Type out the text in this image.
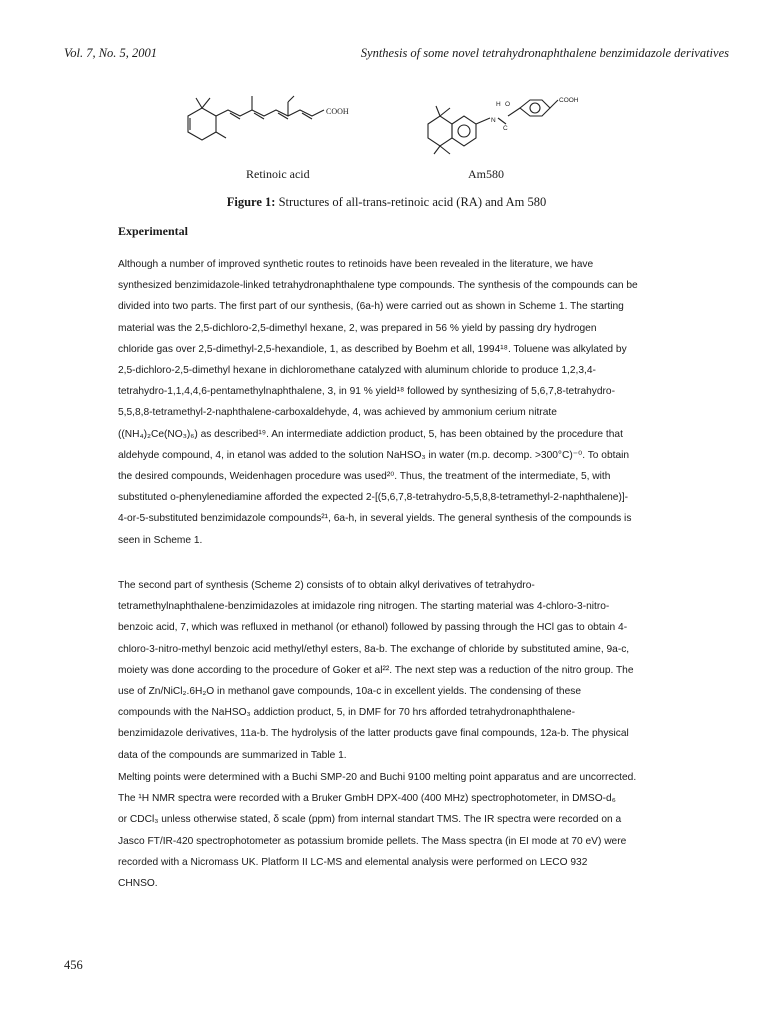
Vol. 7, No. 5, 2001	Synthesis of some novel tetrahydronaphthalene benzimidazole derivatives
COOH
H O
N
C
COOH
Retinoic acid	Am580
Figure 1: Structures of all-trans-retinoic acid (RA) and Am 580
Experimental
Although a number of improved synthetic routes to retinoids have been revealed in the literature, we have
synthesized benzimidazole-linked tetrahydronaphthalene type compounds. The synthesis of the compounds can be
divided into two parts. The first part of our synthesis, (6a-h) were carried out as shown in Scheme 1. The starting
material was the 2,5-dichloro-2,5-dimethyl hexane, 2, was prepared in 56 % yield by passing dry hydrogen
chloride gas over 2,5-dimethyl-2,5-hexandiole, 1, as described by Boehm et all, 1994¹⁸. Toluene was alkylated by
2,5-dichloro-2,5-dimethyl hexane in dichloromethane catalyzed with aluminum chloride to produce 1,2,3,4-
tetrahydro-1,1,4,4,6-pentamethylnaphthalene, 3, in 91 % yield¹⁸ followed by synthesizing of 5,6,7,8-tetrahydro-
5,5,8,8-tetramethyl-2-naphthalene-carboxaldehyde, 4, was achieved by ammonium cerium nitrate
((NH₄)₂Ce(NO₃)₆) as described¹⁹. An intermediate addiction product, 5, has been obtained by the procedure that
aldehyde compound, 4, in etanol was added to the solution NaHSO₃ in water (m.p. decomp. >300°C)⁻⁰. To obtain
the desired compounds, Weidenhagen procedure was used²⁰. Thus, the treatment of the intermediate, 5, with
substituted o-phenylenediamine afforded the expected 2-[(5,6,7,8-tetrahydro-5,5,8,8-tetramethyl-2-naphthalene)]-
4-or-5-substituted benzimidazole compounds²¹, 6a-h, in several yields. The general synthesis of the compounds is
seen in Scheme 1.
The second part of synthesis (Scheme 2) consists of to obtain alkyl derivatives of tetrahydro-
tetramethylnaphthalene-benzimidazoles at imidazole ring nitrogen. The starting material was 4-chloro-3-nitro-
benzoic acid, 7, which was refluxed in methanol (or ethanol) followed by passing through the HCl gas to obtain 4-
chloro-3-nitro-methyl benzoic acid methyl/ethyl esters, 8a-b. The exchange of chloride by substituted amine, 9a-c,
moiety was done according to the procedure of Goker et al²². The next step was a reduction of the nitro group. The
use of Zn/NiCl₂.6H₂O in methanol gave compounds, 10a-c in excellent yields. The condensing of these
compounds with the NaHSO₃ addiction product, 5, in DMF for 70 hrs afforded tetrahydronaphthalene-
benzimidazole derivatives, 11a-b. The hydrolysis of the latter products gave final compounds, 12a-b. The physical
data of the compounds are summarized in Table 1.
Melting points were determined with a Buchi SMP-20 and Buchi 9100 melting point apparatus and are uncorrected.
The ¹H NMR spectra were recorded with a Bruker GmbH DPX-400 (400 MHz) spectrophotometer, in DMSO-d₆
or CDCl₃ unless otherwise stated, δ scale (ppm) from internal standart TMS. The IR spectra were recorded on a
Jasco FT/IR-420 spectrophotometer as potassium bromide pellets. The Mass spectra (in EI mode at 70 eV) were
recorded with a Nicromass UK. Platform II LC-MS and elemental analysis were performed on LECO 932
CHNSO.
456
